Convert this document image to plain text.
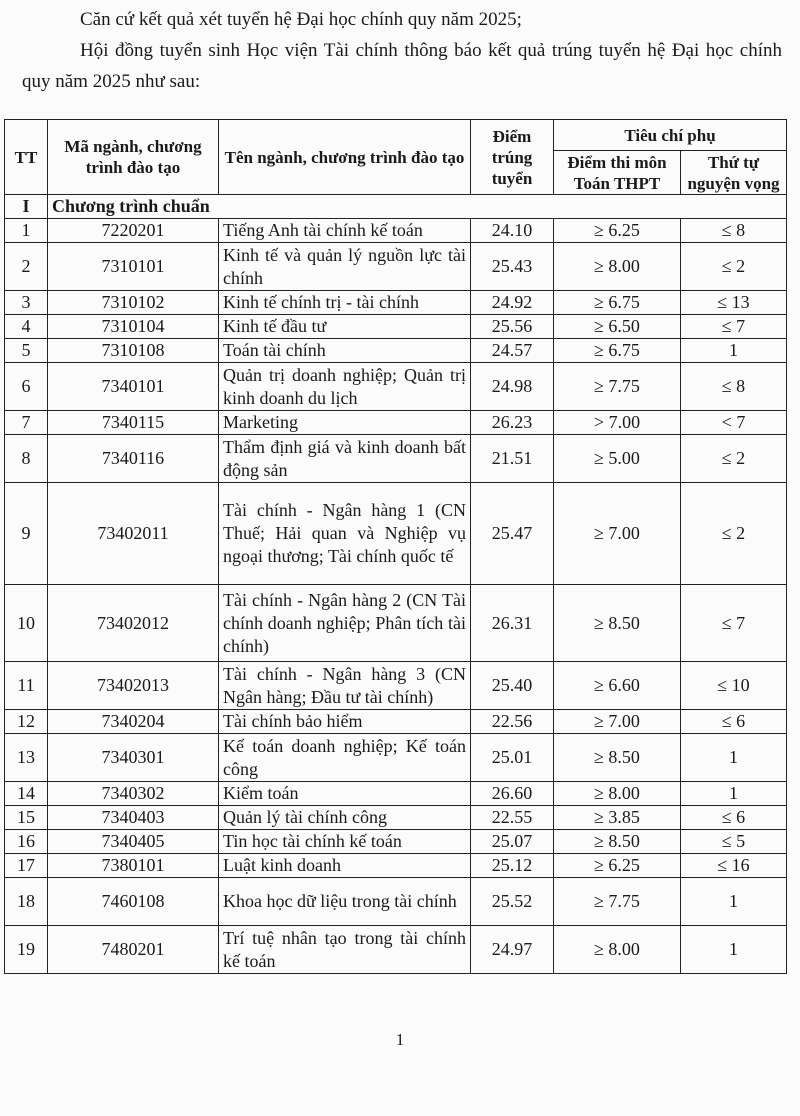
Căn cứ kết quả xét tuyển hệ Đại học chính quy năm 2025;

Hội đồng tuyển sinh Học viện Tài chính thông báo kết quả trúng tuyển hệ Đại học chính quy năm 2025 như sau:

TT	Mã ngành, chương trình đào tạo	Tên ngành, chương trình đào tạo	Điểm trúng tuyển	Tiêu chí phụ	
				Điểm thi môn Toán THPT	Thứ tự nguyện vọng
I	Chương trình chuẩn				
1	7220201	Tiếng Anh tài chính kế toán	24.10	≥ 6.25	≤ 8
2	7310101	Kinh tế và quản lý nguồn lực tài chính	25.43	≥ 8.00	≤ 2
3	7310102	Kinh tế chính trị - tài chính	24.92	≥ 6.75	≤ 13
4	7310104	Kinh tế đầu tư	25.56	≥ 6.50	≤ 7
5	7310108	Toán tài chính	24.57	≥ 6.75	1
6	7340101	Quản trị doanh nghiệp; Quản trị kinh doanh du lịch	24.98	≥ 7.75	≤ 8
7	7340115	Marketing	26.23	> 7.00	< 7
8	7340116	Thẩm định giá và kinh doanh bất động sản	21.51	≥ 5.00	≤ 2
9	73402011	Tài chính - Ngân hàng 1 (CN Thuế; Hải quan và Nghiệp vụ ngoại thương; Tài chính quốc tế	25.47	≥ 7.00	≤ 2
10	73402012	Tài chính - Ngân hàng 2 (CN Tài chính doanh nghiệp; Phân tích tài chính)	26.31	≥ 8.50	≤ 7
11	73402013	Tài chính - Ngân hàng 3 (CN Ngân hàng; Đầu tư tài chính)	25.40	≥ 6.60	≤ 10
12	7340204	Tài chính bảo hiểm	22.56	≥ 7.00	≤ 6
13	7340301	Kế toán doanh nghiệp; Kế toán công	25.01	≥ 8.50	1
14	7340302	Kiểm toán	26.60	≥ 8.00	1
15	7340403	Quản lý tài chính công	22.55	≥ 3.85	≤ 6
16	7340405	Tin học tài chính kế toán	25.07	≥ 8.50	≤ 5
17	7380101	Luật kinh doanh	25.12	≥ 6.25	≤ 16
18	7460108	Khoa học dữ liệu trong tài chính	25.52	≥ 7.75	1
19	7480201	Trí tuệ nhân tạo trong tài chính kế toán	24.97	≥ 8.00	1
1
